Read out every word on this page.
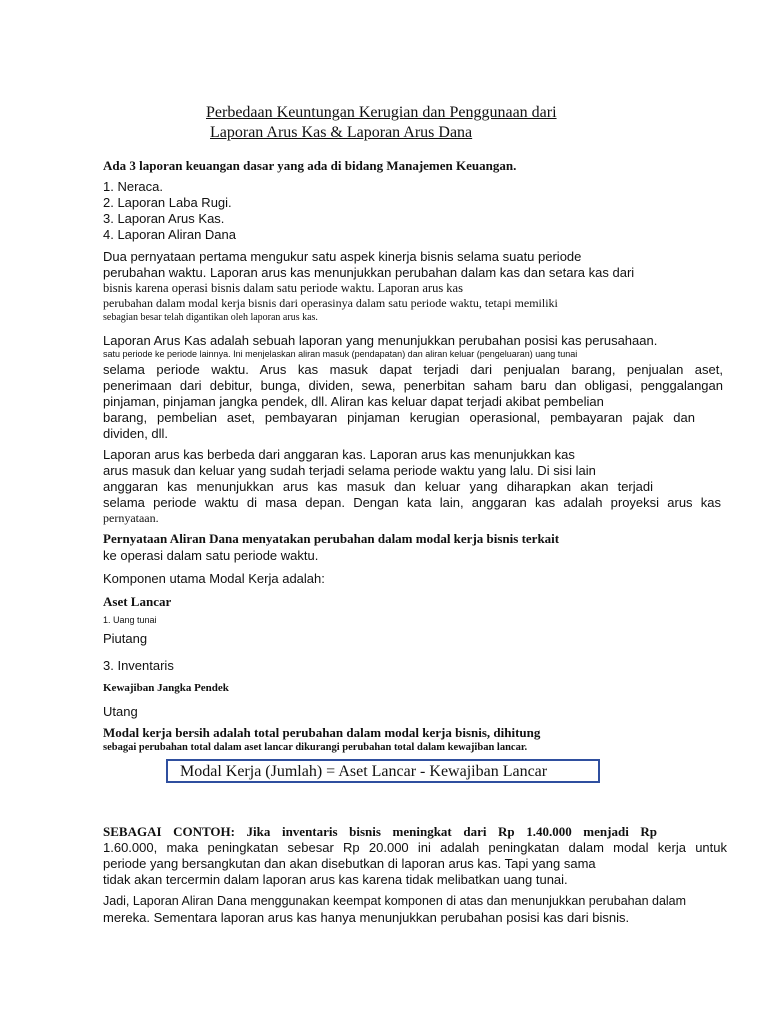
Perbedaan Keuntungan Kerugian dan Penggunaan dari
Laporan Arus Kas & Laporan Arus Dana
Ada 3 laporan keuangan dasar yang ada di bidang Manajemen Keuangan.
1. Neraca.
2. Laporan Laba Rugi.
3. Laporan Arus Kas.
4. Laporan Aliran Dana
Dua pernyataan pertama mengukur satu aspek kinerja bisnis selama suatu periode
perubahan waktu. Laporan arus kas menunjukkan perubahan dalam kas dan setara kas dari
bisnis karena operasi bisnis dalam satu periode waktu. Laporan arus kas
perubahan dalam modal kerja bisnis dari operasinya dalam satu periode waktu, tetapi memiliki
sebagian besar telah digantikan oleh laporan arus kas.
Laporan Arus Kas adalah sebuah laporan yang menunjukkan perubahan posisi kas perusahaan.
satu periode ke periode lainnya. Ini menjelaskan aliran masuk (pendapatan) dan aliran keluar (pengeluaran) uang tunai
selama periode waktu. Arus kas masuk dapat terjadi dari penjualan barang, penjualan aset,
penerimaan dari debitur, bunga, dividen, sewa, penerbitan saham baru dan obligasi, penggalangan
pinjaman, pinjaman jangka pendek, dll. Aliran kas keluar dapat terjadi akibat pembelian
barang, pembelian aset, pembayaran pinjaman kerugian operasional, pembayaran pajak dan
dividen, dll.
Laporan arus kas berbeda dari anggaran kas. Laporan arus kas menunjukkan kas
arus masuk dan keluar yang sudah terjadi selama periode waktu yang lalu. Di sisi lain
anggaran kas menunjukkan arus kas masuk dan keluar yang diharapkan akan terjadi
selama periode waktu di masa depan. Dengan kata lain, anggaran kas adalah proyeksi arus kas
pernyataan.
Pernyataan Aliran Dana menyatakan perubahan dalam modal kerja bisnis terkait
ke operasi dalam satu periode waktu.
Komponen utama Modal Kerja adalah:
Aset Lancar
1. Uang tunai
Piutang
3. Inventaris
Kewajiban Jangka Pendek
Utang
Modal kerja bersih adalah total perubahan dalam modal kerja bisnis, dihitung
sebagai perubahan total dalam aset lancar dikurangi perubahan total dalam kewajiban lancar.
Modal Kerja (Jumlah) = Aset Lancar - Kewajiban Lancar
SEBAGAI CONTOH: Jika inventaris bisnis meningkat dari Rp 1.40.000 menjadi Rp
1.60.000, maka peningkatan sebesar Rp 20.000 ini adalah peningkatan dalam modal kerja untuk
periode yang bersangkutan dan akan disebutkan di laporan arus kas. Tapi yang sama
tidak akan tercermin dalam laporan arus kas karena tidak melibatkan uang tunai.
Jadi, Laporan Aliran Dana menggunakan keempat komponen di atas dan menunjukkan perubahan dalam
mereka. Sementara laporan arus kas hanya menunjukkan perubahan posisi kas dari bisnis.
